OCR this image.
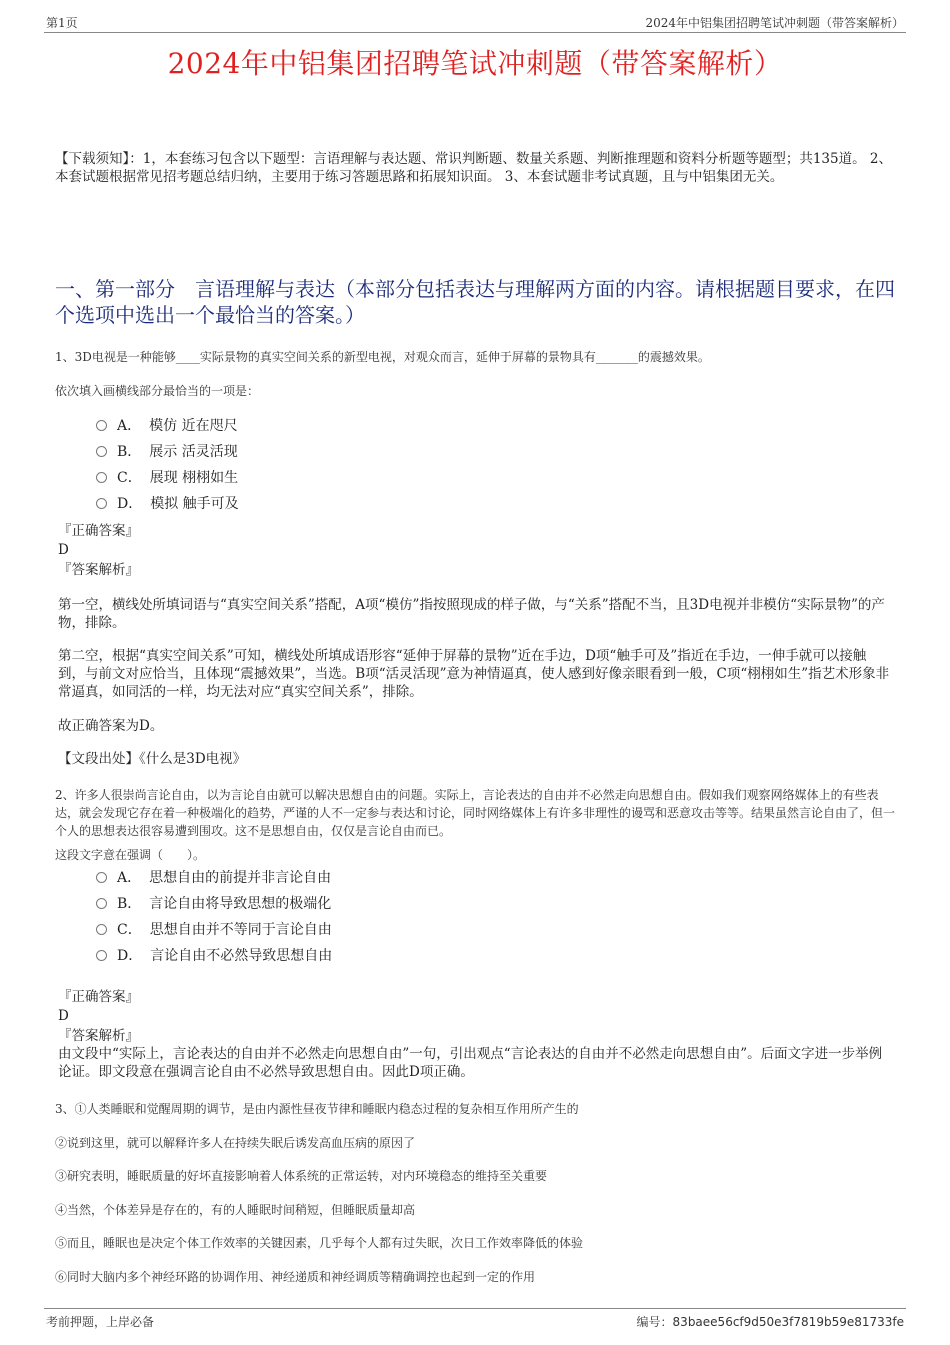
第1页	2024年中铝集团招聘笔试冲刺题（带答案解析）
2024年中铝集团招聘笔试冲刺题（带答案解析）
【下载须知】：1，本套练习包含以下题型：言语理解与表达题、常识判断题、数量关系题、判断推理题和资料分析题等题型；共135道。 2、本套试题根据常见招考题总结归纳，主要用于练习答题思路和拓展知识面。 3、本套试题非考试真题，且与中铝集团无关。
一、第一部分　言语理解与表达（本部分包括表达与理解两方面的内容。请根据题目要求，在四个选项中选出一个最恰当的答案。）
1、3D电视是一种能够____实际景物的真实空间关系的新型电视，对观众而言，延伸于屏幕的景物具有_______的震撼效果。
依次填入画横线部分最恰当的一项是：
A． 模仿 近在咫尺
B． 展示 活灵活现
C． 展现 栩栩如生
D． 模拟 触手可及
『正确答案』
D
『答案解析』
第一空，横线处所填词语与“真实空间关系”搭配，A项“模仿”指按照现成的样子做，与“关系”搭配不当，且3D电视并非模仿“实际景物”的产物，排除。
第二空，根据“真实空间关系”可知，横线处所填成语形容“延伸于屏幕的景物”近在手边，D项“触手可及”指近在手边，一伸手就可以接触到，与前文对应恰当，且体现“震撼效果”，当选。B项“活灵活现”意为神情逼真，使人感到好像亲眼看到一般，C项“栩栩如生”指艺术形象非常逼真，如同活的一样，均无法对应“真实空间关系”，排除。
故正确答案为D。
【文段出处】《什么是3D电视》
2、许多人很崇尚言论自由，以为言论自由就可以解决思想自由的问题。实际上，言论表达的自由并不必然走向思想自由。假如我们观察网络媒体上的有些表达，就会发现它存在着一种极端化的趋势，严谨的人不一定参与表达和讨论，同时网络媒体上有许多非理性的谩骂和恶意攻击等等。结果虽然言论自由了，但一个人的思想表达很容易遭到围攻。这不是思想自由，仅仅是言论自由而已。
这段文字意在强调（　　）。
A． 思想自由的前提并非言论自由
B． 言论自由将导致思想的极端化
C． 思想自由并不等同于言论自由
D． 言论自由不必然导致思想自由
『正确答案』
D
『答案解析』
由文段中“实际上，言论表达的自由并不必然走向思想自由”一句，引出观点“言论表达的自由并不必然走向思想自由”。后面文字进一步举例论证。即文段意在强调言论自由不必然导致思想自由。因此D项正确。
3、①人类睡眠和觉醒周期的调节，是由内源性昼夜节律和睡眠内稳态过程的复杂相互作用所产生的
②说到这里，就可以解释许多人在持续失眠后诱发高血压病的原因了
③研究表明，睡眠质量的好坏直接影响着人体系统的正常运转，对内环境稳态的维持至关重要
④当然，个体差异是存在的，有的人睡眠时间稍短，但睡眠质量却高
⑤而且，睡眠也是决定个体工作效率的关键因素，几乎每个人都有过失眠，次日工作效率降低的体验
⑥同时大脑内多个神经环路的协调作用、神经递质和神经调质等精确调控也起到一定的作用
考前押题，上岸必备	编号：83baee56cf9d50e3f7819b59e81733fe
